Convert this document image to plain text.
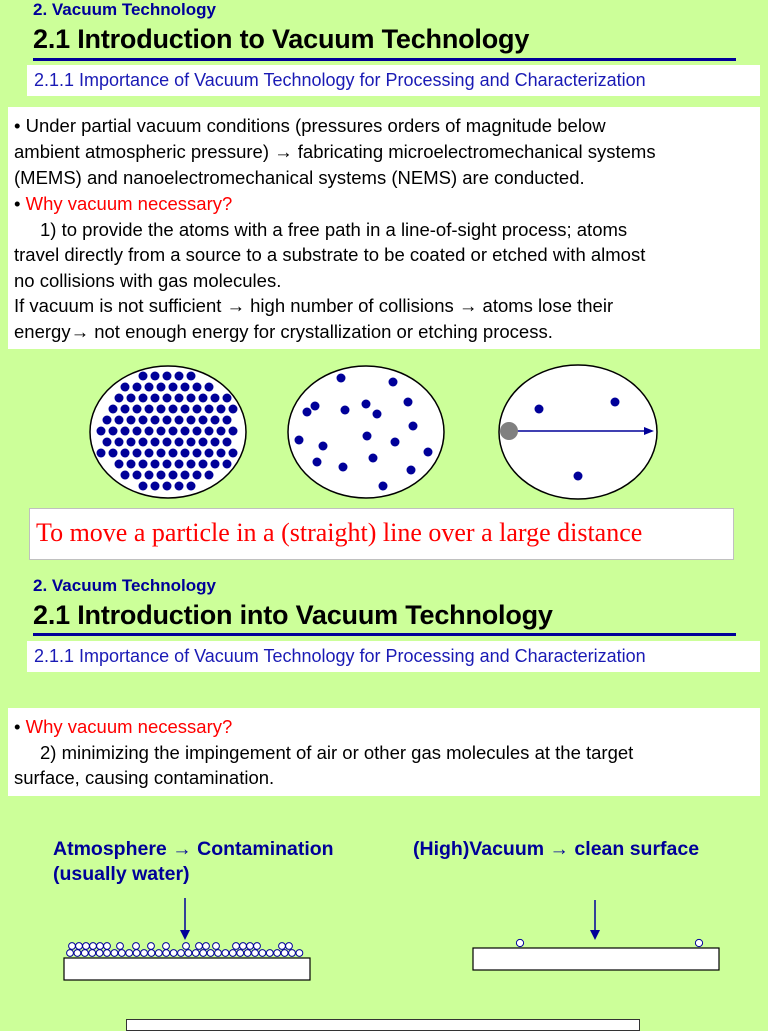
2. Vacuum Technology
2.1 Introduction to Vacuum Technology
2.1.1 Importance of Vacuum Technology for Processing and Characterization
• Under partial vacuum conditions (pressures orders of magnitude below
ambient atmospheric pressure) → fabricating microelectromechanical systems
(MEMS) and nanoelectromechanical systems (NEMS) are conducted.
• Why vacuum necessary?
1) to provide the atoms with a free path in a line-of-sight process; atoms
travel directly from a source to a substrate to be coated or etched with almost
no collisions with gas molecules.
If vacuum is not sufficient → high number of collisions → atoms lose their
energy→ not enough energy for crystallization or etching process.
To move a particle in a (straight) line over a large distance
2. Vacuum Technology
2.1 Introduction into Vacuum Technology
2.1.1 Importance of Vacuum Technology for Processing and Characterization
• Why vacuum necessary?
2) minimizing the impingement of air or other gas molecules at the target
surface, causing contamination.
Atmosphere → Contamination
(usually water)
(High)Vacuum → clean surface
